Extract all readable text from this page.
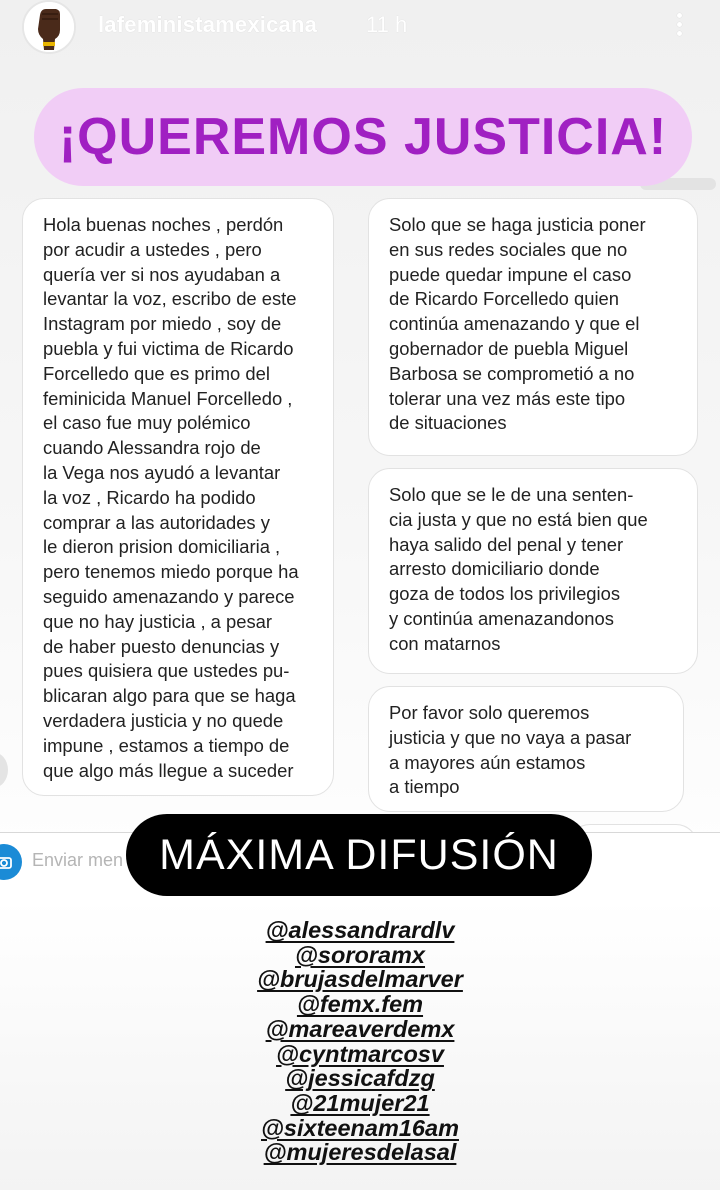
lafeministamexicana 11 h
¡QUEREMOS JUSTICIA!
Hola buenas noches , perdón
por acudir a ustedes , pero
quería ver si nos ayudaban a
levantar la voz, escribo de este
Instagram por miedo , soy de
puebla y fui victima de Ricardo
Forcelledo que es primo del
feminicida Manuel Forcelledo ,
el caso fue muy polémico
cuando Alessandra rojo de
la Vega nos ayudó a levantar
la voz , Ricardo ha podido
comprar a las autoridades y
le dieron prision domiciliaria ,
pero tenemos miedo porque ha
seguido amenazando y parece
que no hay justicia , a pesar
de haber puesto denuncias y
pues quisiera que ustedes pu-
blicaran algo para que se haga
verdadera justicia y no quede
impune , estamos a tiempo de
que algo más llegue a suceder
Solo que se haga justicia poner
en sus redes sociales que no
puede quedar impune el caso
de Ricardo Forcelledo quien
continúa amenazando y que el
gobernador de puebla Miguel
Barbosa se comprometió a no
tolerar una vez más este tipo
de situaciones
Solo que se le de una senten-
cia justa y que no está bien que
haya salido del penal y tener
arresto domiciliario donde
goza de todos los privilegios
y continúa amenazandonos
con matarnos
Por favor solo queremos
justicia y que no vaya a pasar
a mayores aún estamos
a tiempo
Enviar men MÁXIMA DIFUSIÓN
@alessandrardlv
@sororamx
@brujasdelmarver
@femx.fem
@mareaverdemx
@cyntmarcosv
@jessicafdzg
@21mujer21
@sixteenam16am
@mujeresdelasal
